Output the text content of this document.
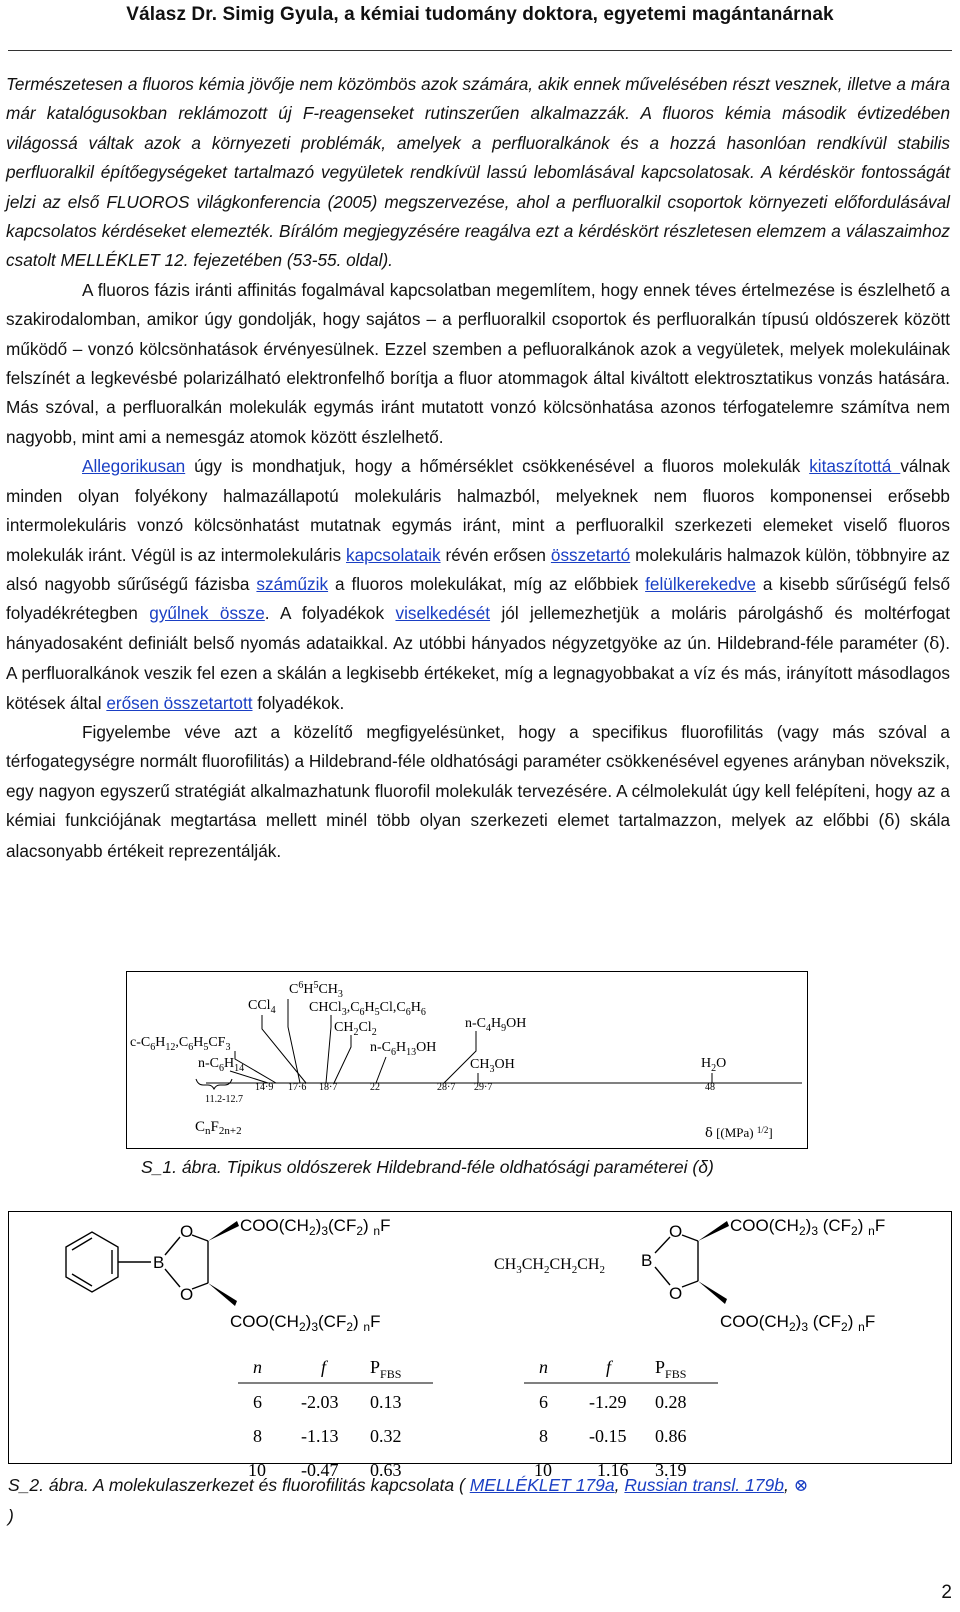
Válasz Dr. Simig Gyula, a kémiai tudomány doktora, egyetemi magántanárnak

Természetesen a fluoros kémia jövője nem közömbös azok számára, akik ennek művelésében részt vesznek, illetve a mára már katalógusokban reklámozott új F-reagenseket rutinszerűen alkalmazzák. A fluoros kémia második évtizedében világossá váltak azok a környezeti problémák, amelyek a perfluoralkánok és a hozzá hasonlóan rendkívül stabilis perfluoralkil építőegységeket tartalmazó vegyületek rendkívül lassú lebomlásával kapcsolatosak. A kérdéskör fontosságát jelzi az első FLUOROS világkonferencia (2005) megszervezése, ahol a perfluoralkil csoportok környezeti előfordulásával kapcsolatos kérdéseket elemezték. Bírálóm megjegyzésére reagálva ezt a kérdéskört részletesen elemzem a válaszaimhoz csatolt MELLÉKLET 12. fejezetében (53-55. oldal).

A fluoros fázis iránti affinitás fogalmával kapcsolatban megemlítem, hogy ennek téves értelmezése is észlelhető a szakirodalomban, amikor úgy gondolják, hogy sajátos – a perfluoralkil csoportok és perfluoralkán típusú oldószerek között működő – vonzó kölcsönhatások érvényesülnek. Ezzel szemben a pefluoralkánok azok a vegyületek, melyek molekuláinak felszínét a legkevésbé polarizálható elektronfelhő borítja a fluor atommagok által kiváltott elektrosztatikus vonzás hatására. Más szóval, a perfluoralkán molekulák egymás iránt mutatott vonzó kölcsönhatása azonos térfogatelemre számítva nem nagyobb, mint ami a nemesgáz atomok között észlelhető.

Allegorikusan úgy is mondhatjuk, hogy a hőmérséklet csökkenésével a fluoros molekulák kitaszítottá válnak minden olyan folyékony halmazállapotú molekuláris halmazból, melyeknek nem fluoros komponensei erősebb intermolekuláris vonzó kölcsönhatást mutatnak egymás iránt, mint a perfluoralkil szerkezeti elemeket viselő fluoros molekulák iránt. Végül is az intermolekuláris kapcsolataik révén erősen összetartó molekuláris halmazok külön, többnyire az alsó nagyobb sűrűségű fázisba száműzik a fluoros molekulákat, míg az előbbiek felülkerekedve a kisebb sűrűségű felső folyadékrétegben gyűlnek össze. A folyadékok viselkedését jól jellemezhetjük a moláris párolgáshő és moltérfogat hányadosaként definiált belső nyomás adataikkal. Az utóbbi hányados négyzetgyöke az ún. Hildebrand-féle paraméter (δ). A perfluoralkánok veszik fel ezen a skálán a legkisebb értékeket, míg a legnagyobbakat a víz és más, irányított másodlagos kötések által erősen összetartott folyadékok.

Figyelembe véve azt a közelítő megfigyelésünket, hogy a specifikus fluorofilitás (vagy más szóval a térfogategységre normált fluorofilitás) a Hildebrand-féle oldhatósági paraméter csökkenésével egyenes arányban növekszik, egy nagyon egyszerű stratégiát alkalmazhatunk fluorofil molekulák tervezésére. A célmolekulát úgy kell felépíteni, hogy az a kémiai funkciójának megtartása mellett minél több olyan szerkezeti elemet tartalmazzon, melyek az előbbi (δ) skála alacsonyabb értékeit reprezentálják.

$C^6H^5CH_3$
CCl$_4$ $CHCl_3,C_6H_5Cl,C_6H_6$
$CH_2Cl_2$
$n-C_4H_9OH$
$c-C_6H_{12},C_6H_5CF_3$	$n-C_6H_{13}OH$
$n-C_6H_{14}$	$CH_3OH$	$H_2O$
11.2-12.7
14·9 17·6 18·7	22	28·7 29·7	48
$C_nF_{2n+2}$	δ [(MPa) $^{1/2}$]
S_1. ábra. Tipikus oldószerek Hildebrand-féle oldhatósági paraméterei (δ)
O
B
O
$COO(CH_2)_3(CF_2)$ $_n$F
$COO(CH_2)_3(CF_2)$ $_n$F
$CH_3CH_2CH_2CH_2$
O
B
O
$COO(CH_2)_3$ $(CF_2)$ $_n$F
$COO(CH_2)_3$ $(CF_2)$ $_n$F
n	f $P_{FBS}$
6 -2.03 0.13
8 -1.13 0.32
10 -0.47 0.63
n	f $P_{FBS}$
6 -1.29 0.28
8 -0.15 0.86
10	1.16 3.19
S_2. ábra. A molekulaszerkezet és fluorofilitás kapcsolata ( MELLÉKLET 179a, Russian transl. 179b, ⊗
)
2
